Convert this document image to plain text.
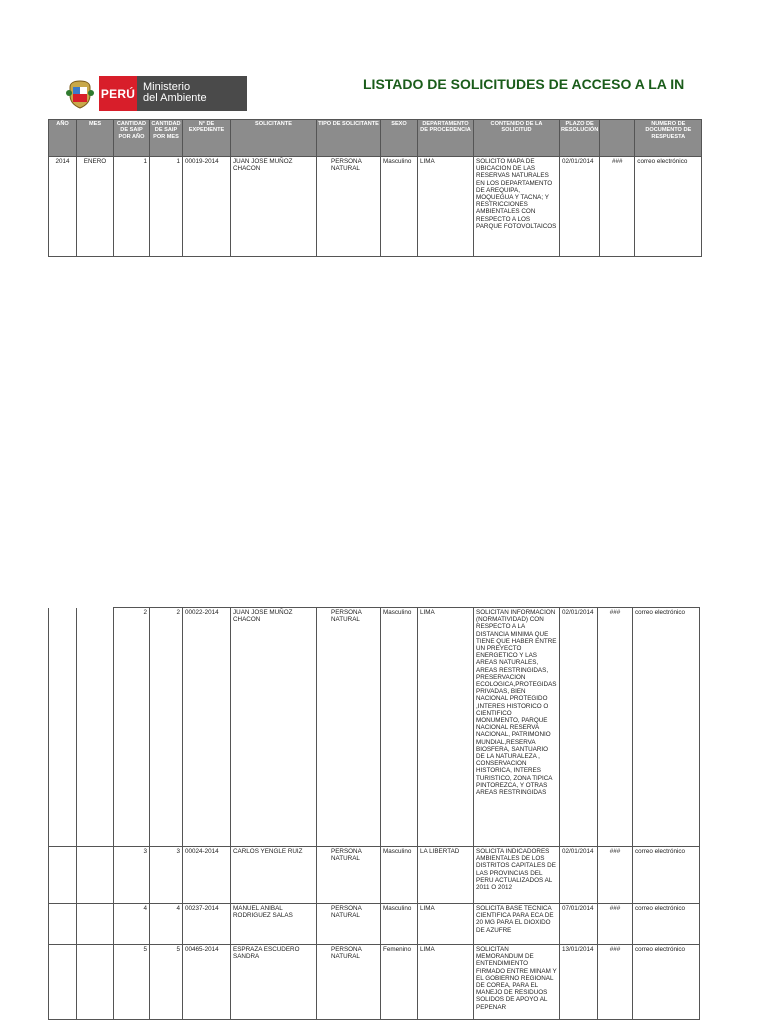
PERÚ Ministerio
del Ambiente
LISTADO DE SOLICITUDES DE ACCESO A LA IN
AÑO	MES	CANTIDAD DE SAIP POR AÑO	CANTIDAD DE SAIP POR MES	N° DE EXPEDIENTE	SOLICITANTE	TIPO DE SOLICITANTE	SEXO	DEPARTAMENTO DE PROCEDENCIA	CONTENIDO DE LA SOLICITUD	PLAZO DE RESOLUCIÓN		NUMERO DE DOCUMENTO DE RESPUESTA
2014	ENERO	1	1	00019-2014	JUAN JOSE MUÑOZ CHACON	PERSONA NATURAL	Masculino	LIMA	SOLICITO MAPA DE UBICACION DE LAS RESERVAS NATURALES EN LOS DEPARTAMENTO DE AREQUIPA, MOQUEGUA Y TACNA; Y RESTRICCIONES AMBIENTALES CON RESPECTO A LOS PARQUE FOTOVOLTAICOS	02/01/2014	###	correo electrónico
		2	2	00022-2014	JUAN JOSE MUÑOZ CHACON	PERSONA NATURAL	Masculino	LIMA	SOLICITAN INFORMACION (NORMATIVIDAD) CON RESPECTO A LA DISTANCIA MINIMA QUE TIENE QUE HABER ENTRE UN PREYECTO ENERGETICO Y LAS AREAS NATURALES, AREAS RESTRINGIDAS, PRESERVACION ECOLOGICA,PROTEGIDAS PRIVADAS, BIEN NACIONAL PROTEGIDO ,INTERES HISTORICO O CIENTIFICO MONUMENTO, PARQUE NACIONAL RESERVA NACIONAL, PATRIMONIO MUNDIAL,RESERVA BIOSFERA, SANTUARIO DE LA NATURALEZA , CONSERVACION HISTORICA, INTERES TURISTICO, ZONA TIPICA PINTOREZCA, Y OTRAS AREAS RESTRINGIDAS	02/01/2014	###	correo electrónico
		3	3	00024-2014	CARLOS YENGLE RUIZ	PERSONA NATURAL	Masculino	LA LIBERTAD	SOLICITA INDICADORES AMBIENTALES DE LOS DISTRITOS CAPITALES DE LAS PROVINCIAS DEL PERU ACTUALIZADOS AL 2011 O 2012	02/01/2014	###	correo electrónico
		4	4	00237-2014	MANUEL ANIBAL RODRIGUEZ SALAS	PERSONA NATURAL	Masculino	LIMA	SOLICITA BASE TECNICA CIENTIFICA PARA ECA DE 20 MG PARA EL DIOXIDO DE AZUFRE	07/01/2014	###	correo electrónico
		5	5	00465-2014	ESPRAZA ESCUDERO SANDRA	PERSONA NATURAL	Femenino	LIMA	SOLICITAN MEMORANDUM DE ENTENDIMIENTO FIRMADO ENTRE MINAM Y EL GOBIERNO REGIONAL DE COREA, PARA EL MANEJO DE RESIDUOS SOLIDOS DE APOYO AL PEPENAR	13/01/2014	###	correo electrónico
